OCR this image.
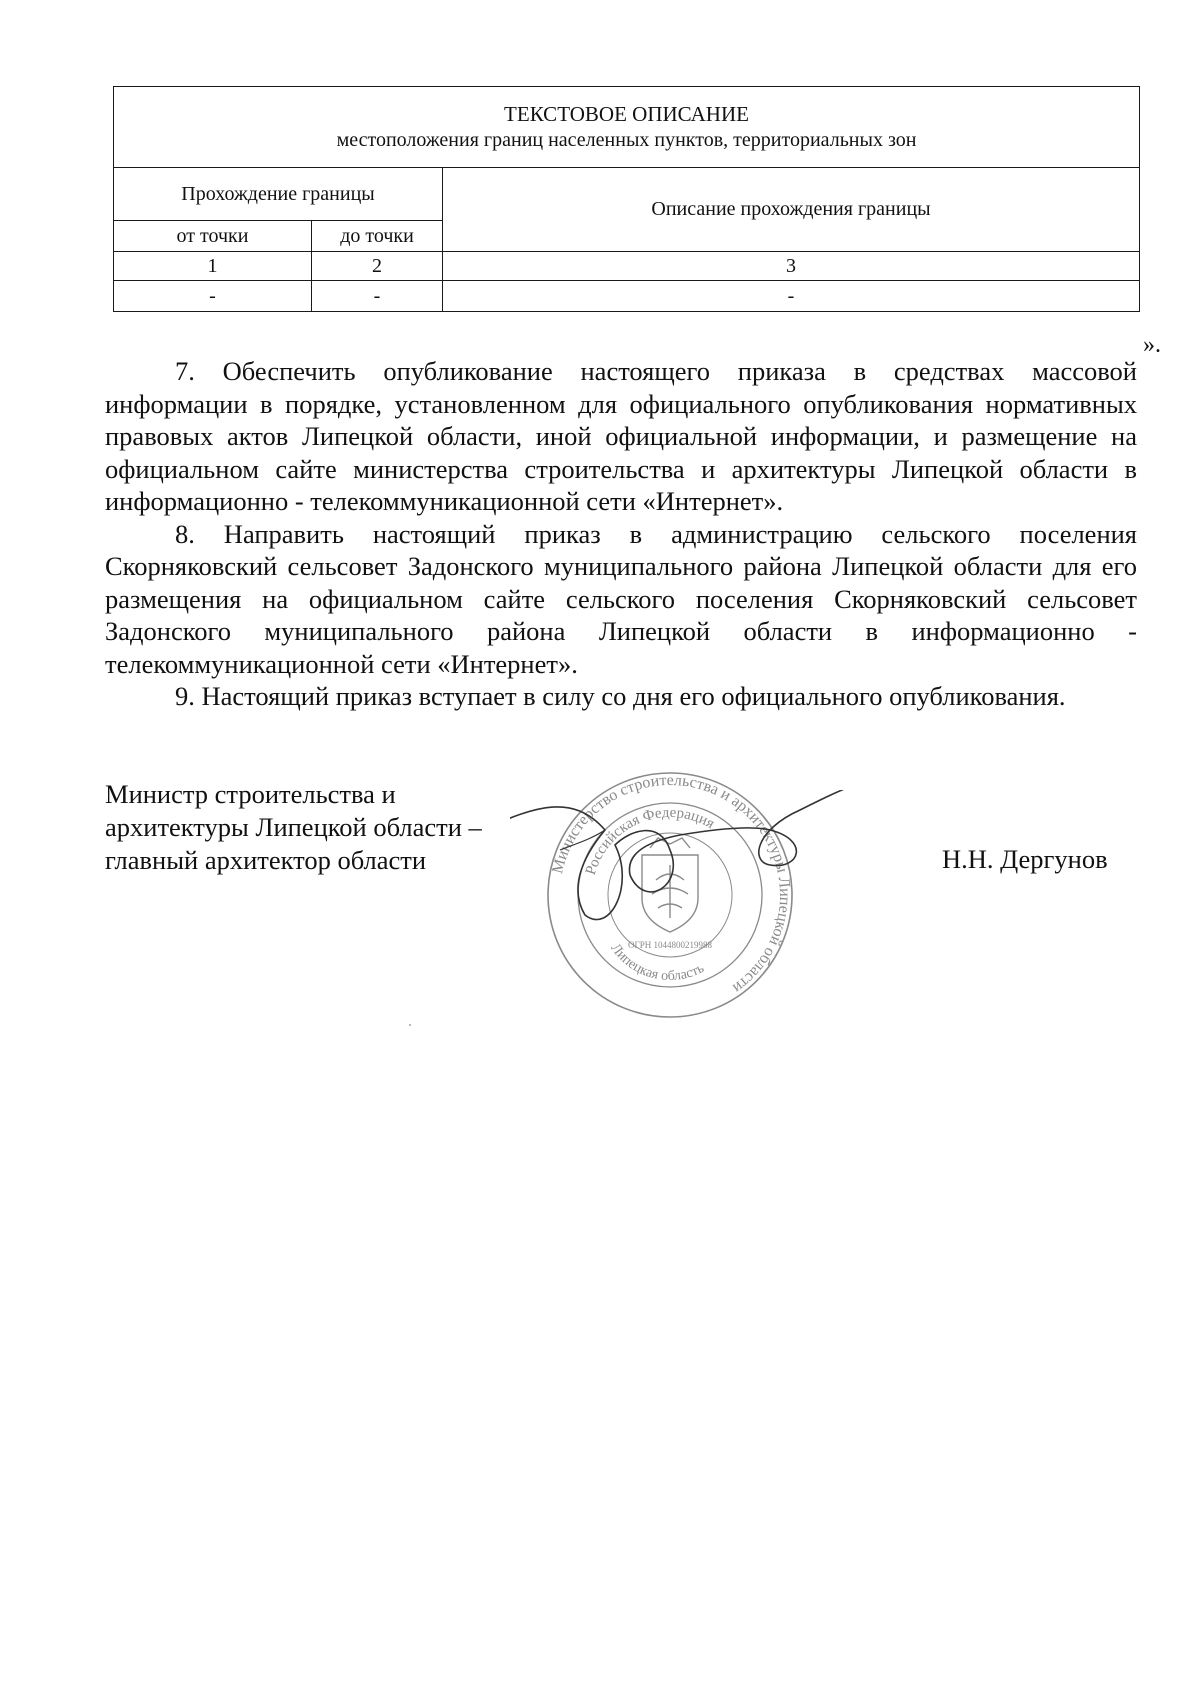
ТЕКСТОВОЕ ОПИСАНИЕ
местоположения границ населенных пунктов, территориальных зон		

Прохождение границы		Описание прохождения границы
от точки	до точки	
1	2	3
-	-	-
».

7. Обеспечить опубликование настоящего приказа в средствах массовой информации в порядке, установленном для официального опубликования нормативных правовых актов Липецкой области, иной официальной информации, и размещение на официальном сайте министерства строительства и архитектуры Липецкой области в информационно - телекоммуникационной сети «Интернет».

8. Направить настоящий приказ в администрацию сельского поселения Скорняковский сельсовет Задонского муниципального района Липецкой области для его размещения на официальном сайте сельского поселения Скорняковский сельсовет Задонского муниципального района Липецкой области в информационно - телекоммуникационной сети «Интернет».

9. Настоящий приказ вступает в силу со дня его официального опубликования.

Министр строительства и
архитектуры Липецкой области –
главный архитектор области	Министерство строительства и архитектуры Липецкой области
Российская Федерация
Липецкая область
ОГРН 1044800219988
Н.Н. Дергунов
